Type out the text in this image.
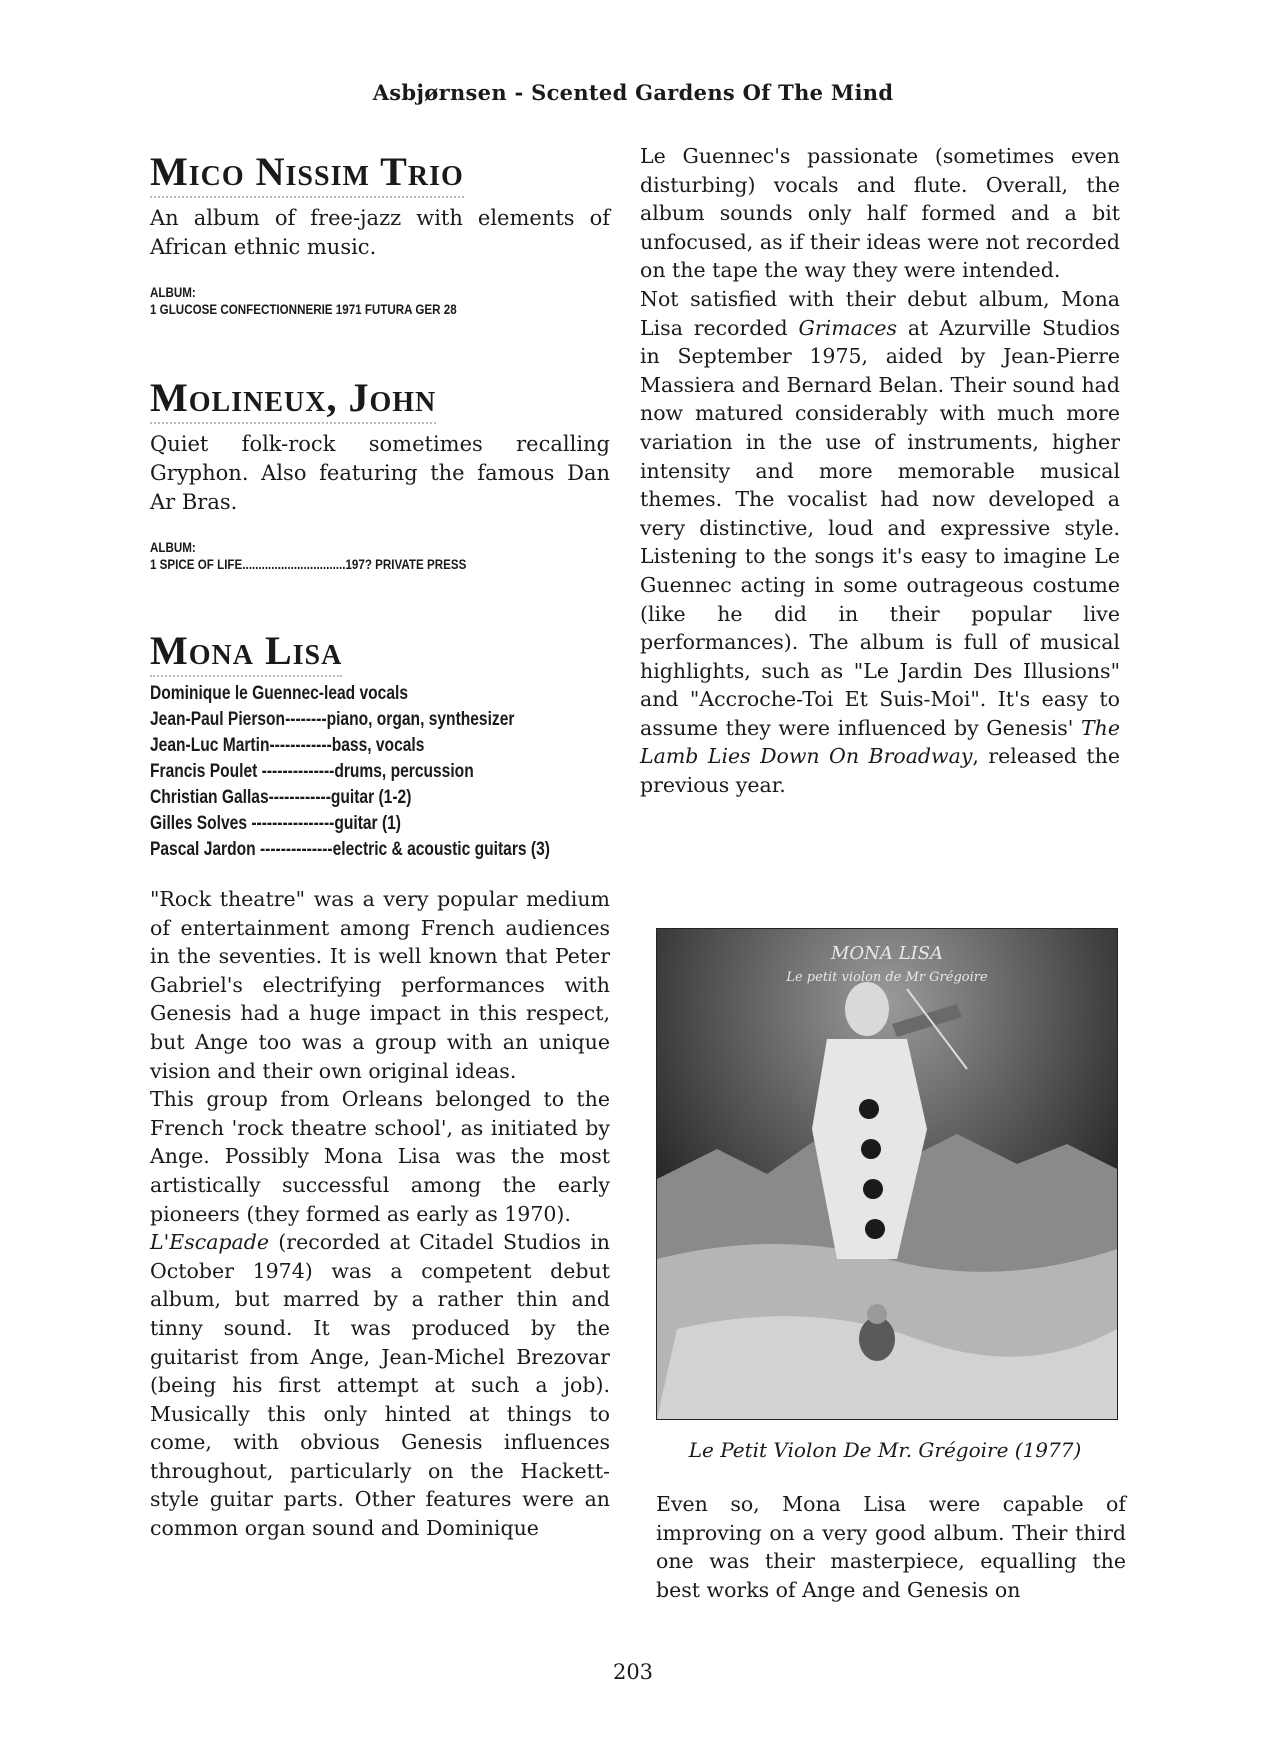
Asbjørnsen - Scented Gardens Of The Mind
Mico Nissim Trio

An album of free-jazz with elements of African ethnic music.

ALBUM:
1 GLUCOSE CONFECTIONNERIE 1971 FUTURA GER 28
Molineux, John

Quiet folk-rock sometimes recalling Gryphon. Also featuring the famous Dan Ar Bras.

ALBUM:
1 SPICE OF LIFE................................197? PRIVATE PRESS
Mona Lisa
Dominique le Guennec-lead vocals
Jean-Paul Pierson--------piano, organ, synthesizer
Jean-Luc Martin------------bass, vocals
Francis Poulet --------------drums, percussion
Christian Gallas------------guitar (1-2)
Gilles Solves ----------------guitar (1)
Pascal Jardon --------------electric & acoustic guitars (3)

"Rock theatre" was a very popular medium of entertainment among French audiences in the seventies. It is well known that Peter Gabriel's electrifying performances with Genesis had a huge impact in this respect, but Ange too was a group with an unique vision and their own original ideas.

This group from Orleans belonged to the French 'rock theatre school', as initiated by Ange. Possibly Mona Lisa was the most artistically successful among the early pioneers (they formed as early as 1970).

L'Escapade (recorded at Citadel Studios in October 1974) was a competent debut album, but marred by a rather thin and tinny sound. It was produced by the guitarist from Ange, Jean-Michel Brezovar (being his first attempt at such a job). Musically this only hinted at things to come, with obvious Genesis influences throughout, particularly on the Hackett-style guitar parts. Other features were an common organ sound and Dominique

Le Guennec's passionate (sometimes even disturbing) vocals and flute. Overall, the album sounds only half formed and a bit unfocused, as if their ideas were not recorded on the tape the way they were intended.

Not satisfied with their debut album, Mona Lisa recorded Grimaces at Azurville Studios in September 1975, aided by Jean-Pierre Massiera and Bernard Belan. Their sound had now matured considerably with much more variation in the use of instruments, higher intensity and more memorable musical themes. The vocalist had now developed a very distinctive, loud and expressive style. Listening to the songs it's easy to imagine Le Guennec acting in some outrageous costume (like he did in their popular live performances). The album is full of musical highlights, such as "Le Jardin Des Illusions" and "Accroche-Toi Et Suis-Moi". It's easy to assume they were influenced by Genesis' The Lamb Lies Down On Broadway, released the previous year.

MONA LISA
Le petit violon de Mr Grégoire
Le Petit Violon De Mr. Grégoire (1977)

Even so, Mona Lisa were capable of improving on a very good album. Their third one was their masterpiece, equalling the best works of Ange and Genesis on

203
